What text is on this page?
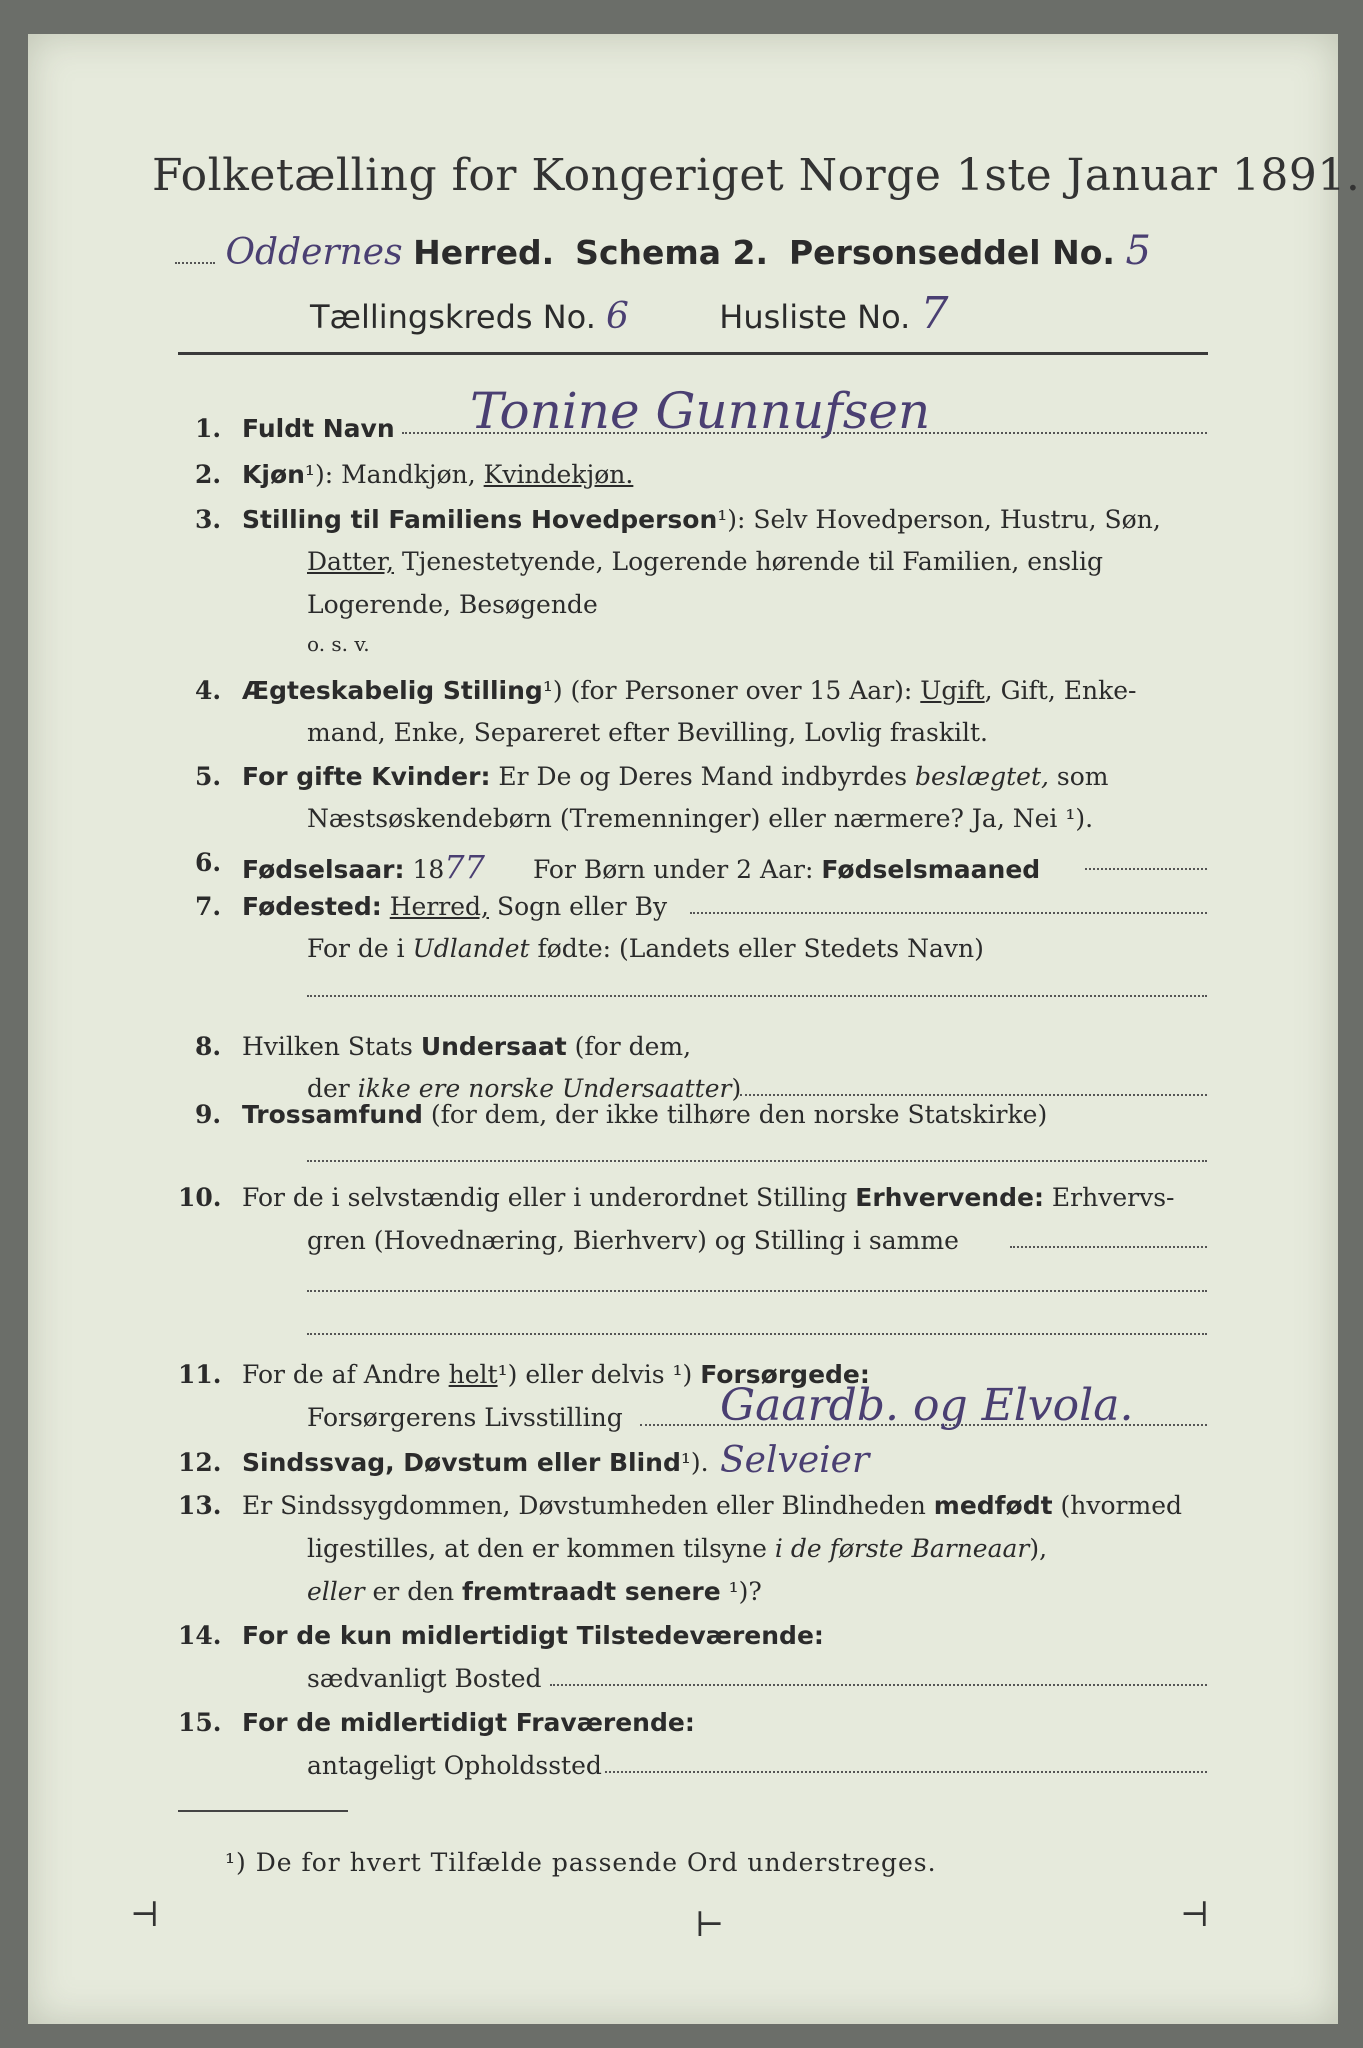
Folketælling for Kongeriget Norge 1ste Januar 1891.
Oddernes Herred. Schema 2. Personseddel No. 5
Tællingskreds No. 6	Husliste No. 7
1. Fuldt Navn Tonine Gunnufsen
2. Kjøn¹): Mandkjøn, Kvindekjøn.
3. Stilling til Familiens Hovedperson¹): Selv Hovedperson, Hustru, Søn,
Datter, Tjenestetyende, Logerende hørende til Familien, enslig
Logerende, Besøgende
o. s. v.
4. Ægteskabelig Stilling¹) (for Personer over 15 Aar): Ugift, Gift, Enke-
mand, Enke, Separeret efter Bevilling, Lovlig fraskilt.
5. For gifte Kvinder: Er De og Deres Mand indbyrdes beslægtet, som
Næstsøskendebørn (Tremenninger) eller nærmere? Ja, Nei ¹).
6. Fødselsaar: 1877 For Børn under 2 Aar: Fødselsmaaned
7. Fødested: Herred, Sogn eller By
For de i Udlandet fødte: (Landets eller Stedets Navn)
8. Hvilken Stats Undersaat (for dem,
der ikke ere norske Undersaatter)
9. Trossamfund (for dem, der ikke tilhøre den norske Statskirke)
10. For de i selvstændig eller i underordnet Stilling Erhvervende: Erhvervs-
gren (Hovednæring, Bierhverv) og Stilling i samme
11. For de af Andre helt¹) eller delvis ¹) Forsørgede:
Forsørgerens Livsstilling Gaardb. og Elvola.
12. Sindssvag, Døvstum eller Blind¹). Selveier
13. Er Sindssygdommen, Døvstumheden eller Blindheden medfødt (hvormed
ligestilles, at den er kommen tilsyne i de første Barneaar),
eller er den fremtraadt senere ¹)?
14. For de kun midlertidigt Tilstedeværende:
sædvanligt Bosted
15. For de midlertidigt Fraværende:
antageligt Opholdssted
¹) De for hvert Tilfælde passende Ord understreges.
⊣	⊢	⊣
